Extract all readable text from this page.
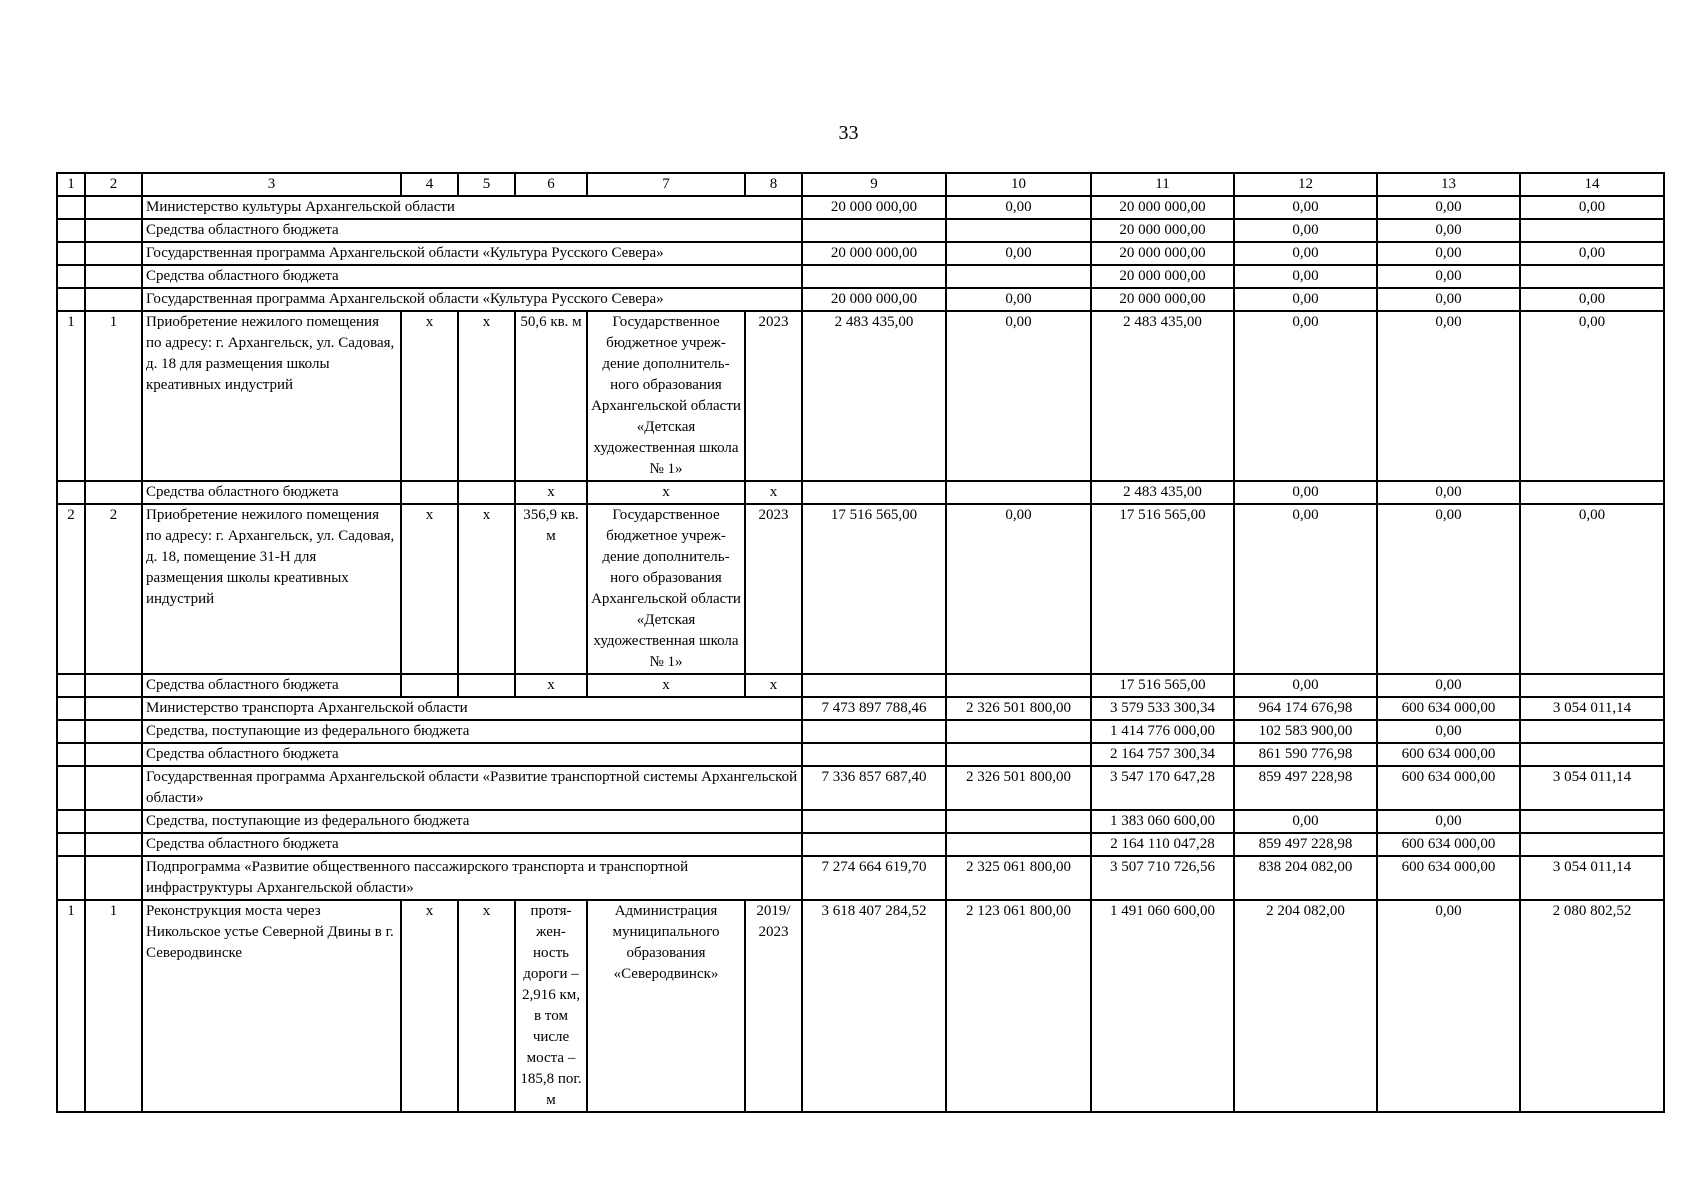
33
1	2	3	4	5	6	7	8	9	10	11	12	13	14
		Министерство культуры Архангельской области						20 000 000,00	0,00	20 000 000,00	0,00	0,00	0,00
		Средства областного бюджета								20 000 000,00	0,00	0,00	
		Государственная программа Архангельской области «Культура Русского Севера»						20 000 000,00	0,00	20 000 000,00	0,00	0,00	0,00
		Средства областного бюджета								20 000 000,00	0,00	0,00	
		Государственная программа Архангельской области «Культура Русского Севера»						20 000 000,00	0,00	20 000 000,00	0,00	0,00	0,00
1	1	Приобретение нежилого помещения по адресу: г. Архангельск, ул. Садовая, д. 18 для размещения школы креативных индустрий	x	x	50,6 кв. м	Государственное бюджетное учреж-дение дополнитель-ного образования Архангельской области «Детская художественная школа № 1»	2023	2 483 435,00	0,00	2 483 435,00	0,00	0,00	0,00
		Средства областного бюджета			x	x	x			2 483 435,00	0,00	0,00	
2	2	Приобретение нежилого помещения по адресу: г. Архангельск, ул. Садовая, д. 18, помещение 31-Н для размещения школы креативных индустрий	x	x	356,9 кв. м	Государственное бюджетное учреж-дение дополнитель-ного образования Архангельской области «Детская художественная школа № 1»	2023	17 516 565,00	0,00	17 516 565,00	0,00	0,00	0,00
		Средства областного бюджета			x	x	x			17 516 565,00	0,00	0,00	
		Министерство транспорта Архангельской области						7 473 897 788,46	2 326 501 800,00	3 579 533 300,34	964 174 676,98	600 634 000,00	3 054 011,14
		Средства, поступающие из федерального бюджета								1 414 776 000,00	102 583 900,00	0,00	
		Средства областного бюджета								2 164 757 300,34	861 590 776,98	600 634 000,00	
		Государственная программа Архангельской области «Развитие транспортной системы Архангельской области»						7 336 857 687,40	2 326 501 800,00	3 547 170 647,28	859 497 228,98	600 634 000,00	3 054 011,14
		Средства, поступающие из федерального бюджета								1 383 060 600,00	0,00	0,00	
		Средства областного бюджета								2 164 110 047,28	859 497 228,98	600 634 000,00	
		Подпрограмма «Развитие общественного пассажирского транспорта и транспортной инфраструктуры Архангельской области»						7 274 664 619,70	2 325 061 800,00	3 507 710 726,56	838 204 082,00	600 634 000,00	3 054 011,14
1	1	Реконструкция моста через Никольское устье Северной Двины в г. Северодвинске	x	x	протя-жен-ность дороги – 2,916 км, в том числе моста – 185,8 пог. м	Администрация муниципального образования «Северодвинск»	2019/ 2023	3 618 407 284,52	2 123 061 800,00	1 491 060 600,00	2 204 082,00	0,00	2 080 802,52
